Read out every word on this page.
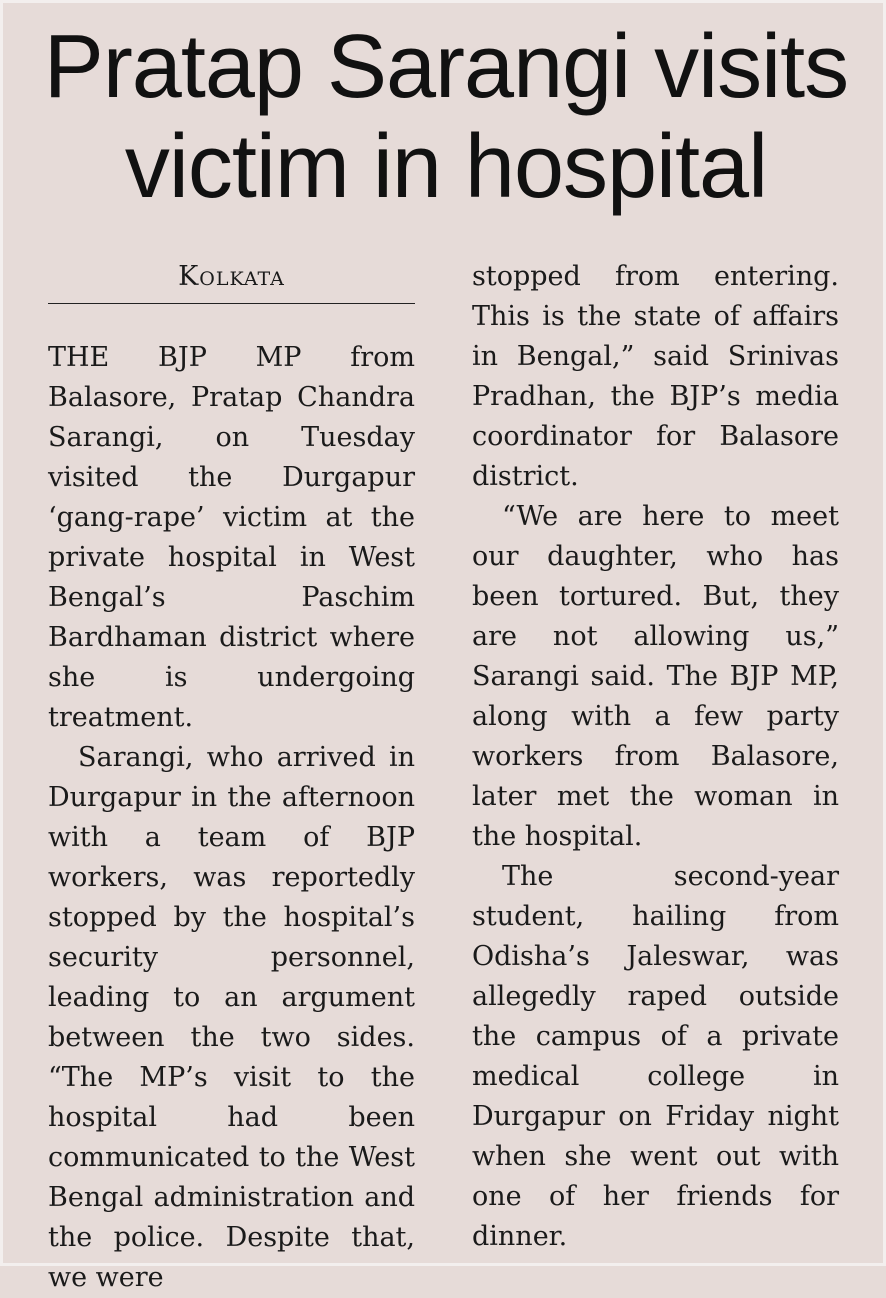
Pratap Sarangi visits
victim in hospital
Kolkata

THE BJP MP from Balasore, Pratap Chandra Sarangi, on Tuesday visited the Durgapur ‘gang-rape’ victim at the private hospital in West Bengal’s Paschim Bardhaman district where she is undergoing treatment.

Sarangi, who arrived in Durgapur in the afternoon with a team of BJP workers, was reportedly stopped by the hospital’s security personnel, leading to an argument between the two sides. “The MP’s visit to the hospital had been communicated to the West Bengal administration and the police. Despite that, we were

stopped from entering. This is the state of affairs in Bengal,” said Srinivas Pradhan, the BJP’s media coordinator for Balasore district.

“We are here to meet our daughter, who has been tortured. But, they are not allowing us,” Sarangi said. The BJP MP, along with a few party workers from Balasore, later met the woman in the hospital.

The second-year student, hailing from Odisha’s Jaleswar, was allegedly raped outside the campus of a private medical college in Durgapur on Friday night when she went out with one of her friends for dinner.
